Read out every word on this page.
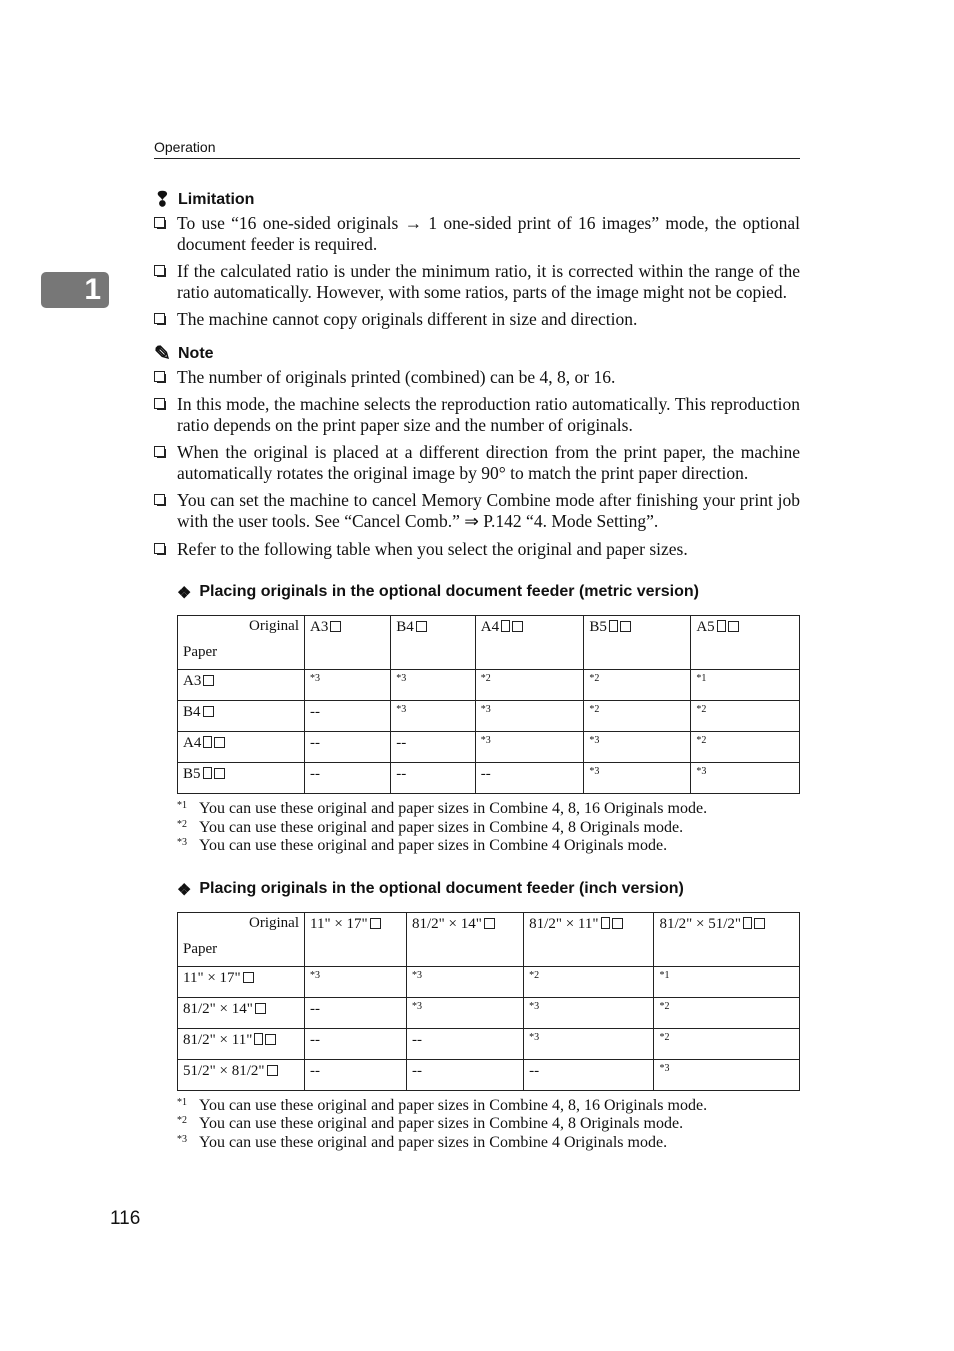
Operation
1
❢ Limitation
To use “16 one-sided originals → 1 one-sided print of 16 images” mode, the optional document feeder is required.
If the calculated ratio is under the minimum ratio, it is corrected within the range of the ratio automatically. However, with some ratios, parts of the image might not be copied.
The machine cannot copy originals different in size and direction.
✎ Note
The number of originals printed (combined) can be 4, 8, or 16.
In this mode, the machine selects the reproduction ratio automatically. This reproduction ratio depends on the print paper size and the number of originals.
When the original is placed at a different direction from the print paper, the machine automatically rotates the original image by 90° to match the print paper direction.
You can set the machine to cancel Memory Combine mode after finishing your print job with the user tools. See “Cancel Comb.” ⇒ P.142 “4. Mode Setting”.
Refer to the following table when you select the original and paper sizes.
❖ Placing originals in the optional document feeder (metric version)
Original
Paper	A3	B4	A4	B5	A5
A3	*3	*3	*2	*2	*1
B4	--	*3	*3	*2	*2
A4	--	--	*3	*3	*2
B5	--	--	--	*3	*3
*1 You can use these original and paper sizes in Combine 4, 8, 16 Originals mode.
*2 You can use these original and paper sizes in Combine 4, 8 Originals mode.
*3 You can use these original and paper sizes in Combine 4 Originals mode.
❖ Placing originals in the optional document feeder (inch version)
Original
Paper	11" × 17"	81/2" × 14"	81/2" × 11"	81/2" × 51/2"
11" × 17"	*3	*3	*2	*1
81/2" × 14"	--	*3	*3	*2
81/2" × 11"	--	--	*3	*2
51/2" × 81/2"	--	--	--	*3
*1 You can use these original and paper sizes in Combine 4, 8, 16 Originals mode.
*2 You can use these original and paper sizes in Combine 4, 8 Originals mode.
*3 You can use these original and paper sizes in Combine 4 Originals mode.
116
